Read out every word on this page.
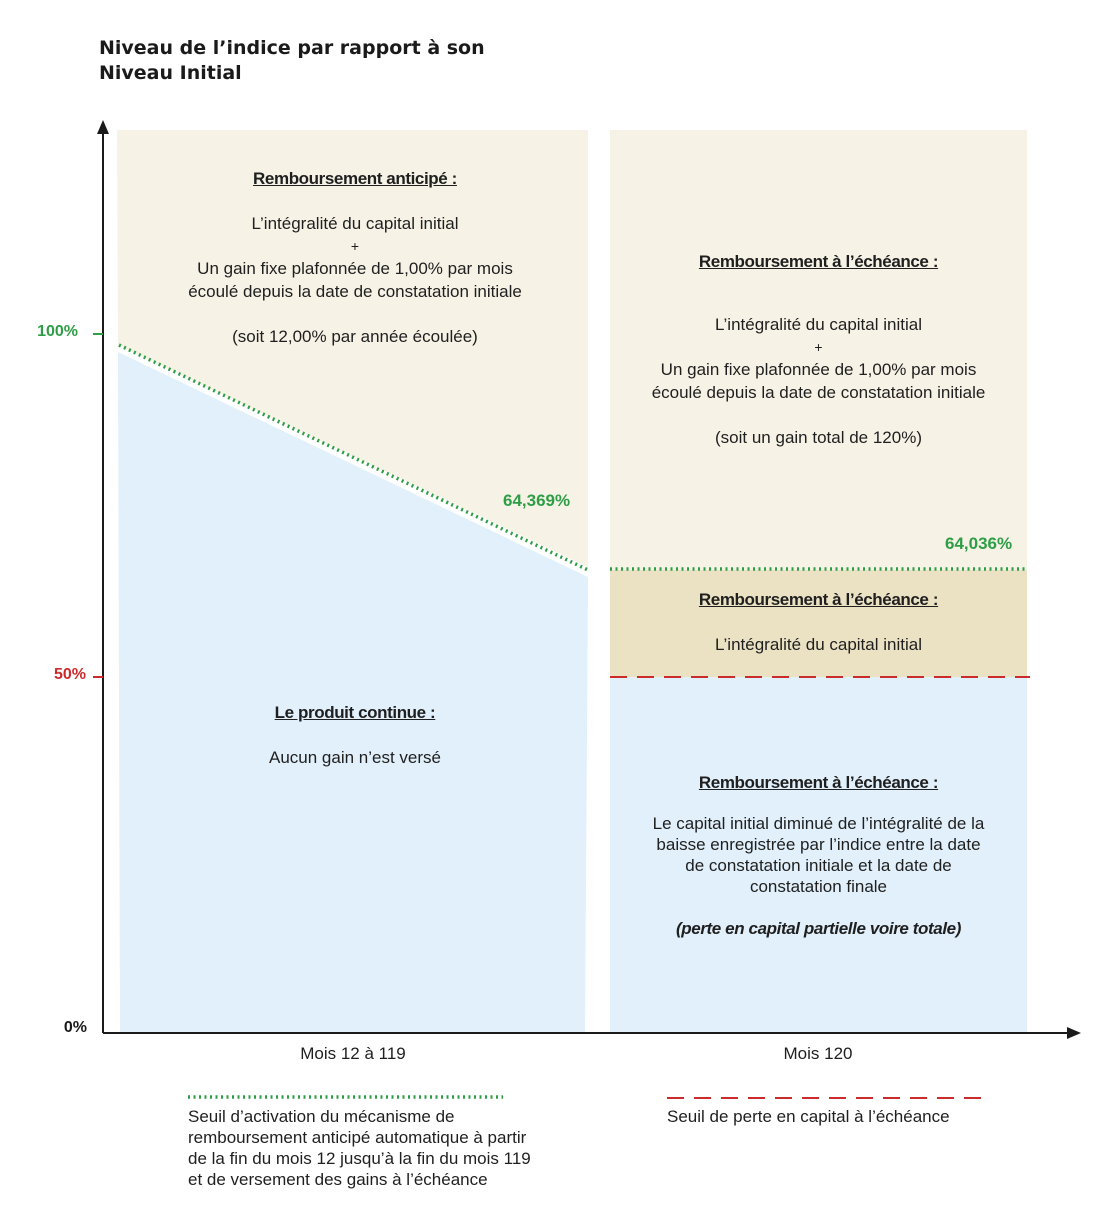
Niveau de l’indice par rapport à son
Niveau Initial
100%
50%
0%

Remboursement anticipé :

L’intégralité du capital initial

+

Un gain fixe plafonnée de 1,00% par mois

écoulé depuis la date de constatation initiale

(soit 12,00% par année écoulée)

Le produit continue :

Aucun gain n’est versé

Remboursement à l’échéance :

L’intégralité du capital initial

+

Un gain fixe plafonnée de 1,00% par mois

écoulé depuis la date de constatation initiale

(soit un gain total de 120%)

Remboursement à l’échéance :

L’intégralité du capital initial

Remboursement à l’échéance :

Le capital initial diminué de l’intégralité de la

baisse enregistrée par l’indice entre la date

de constatation initiale et la date de

constatation finale

(perte en capital partielle voire totale)

64,369%
64,036%
Mois 12 à 119	Mois 120
Seuil d’activation du mécanisme de
remboursement anticipé automatique à partir
de la fin du mois 12 jusqu’à la fin du mois 119
et de versement des gains à l’échéance
Seuil de perte en capital à l’échéance
